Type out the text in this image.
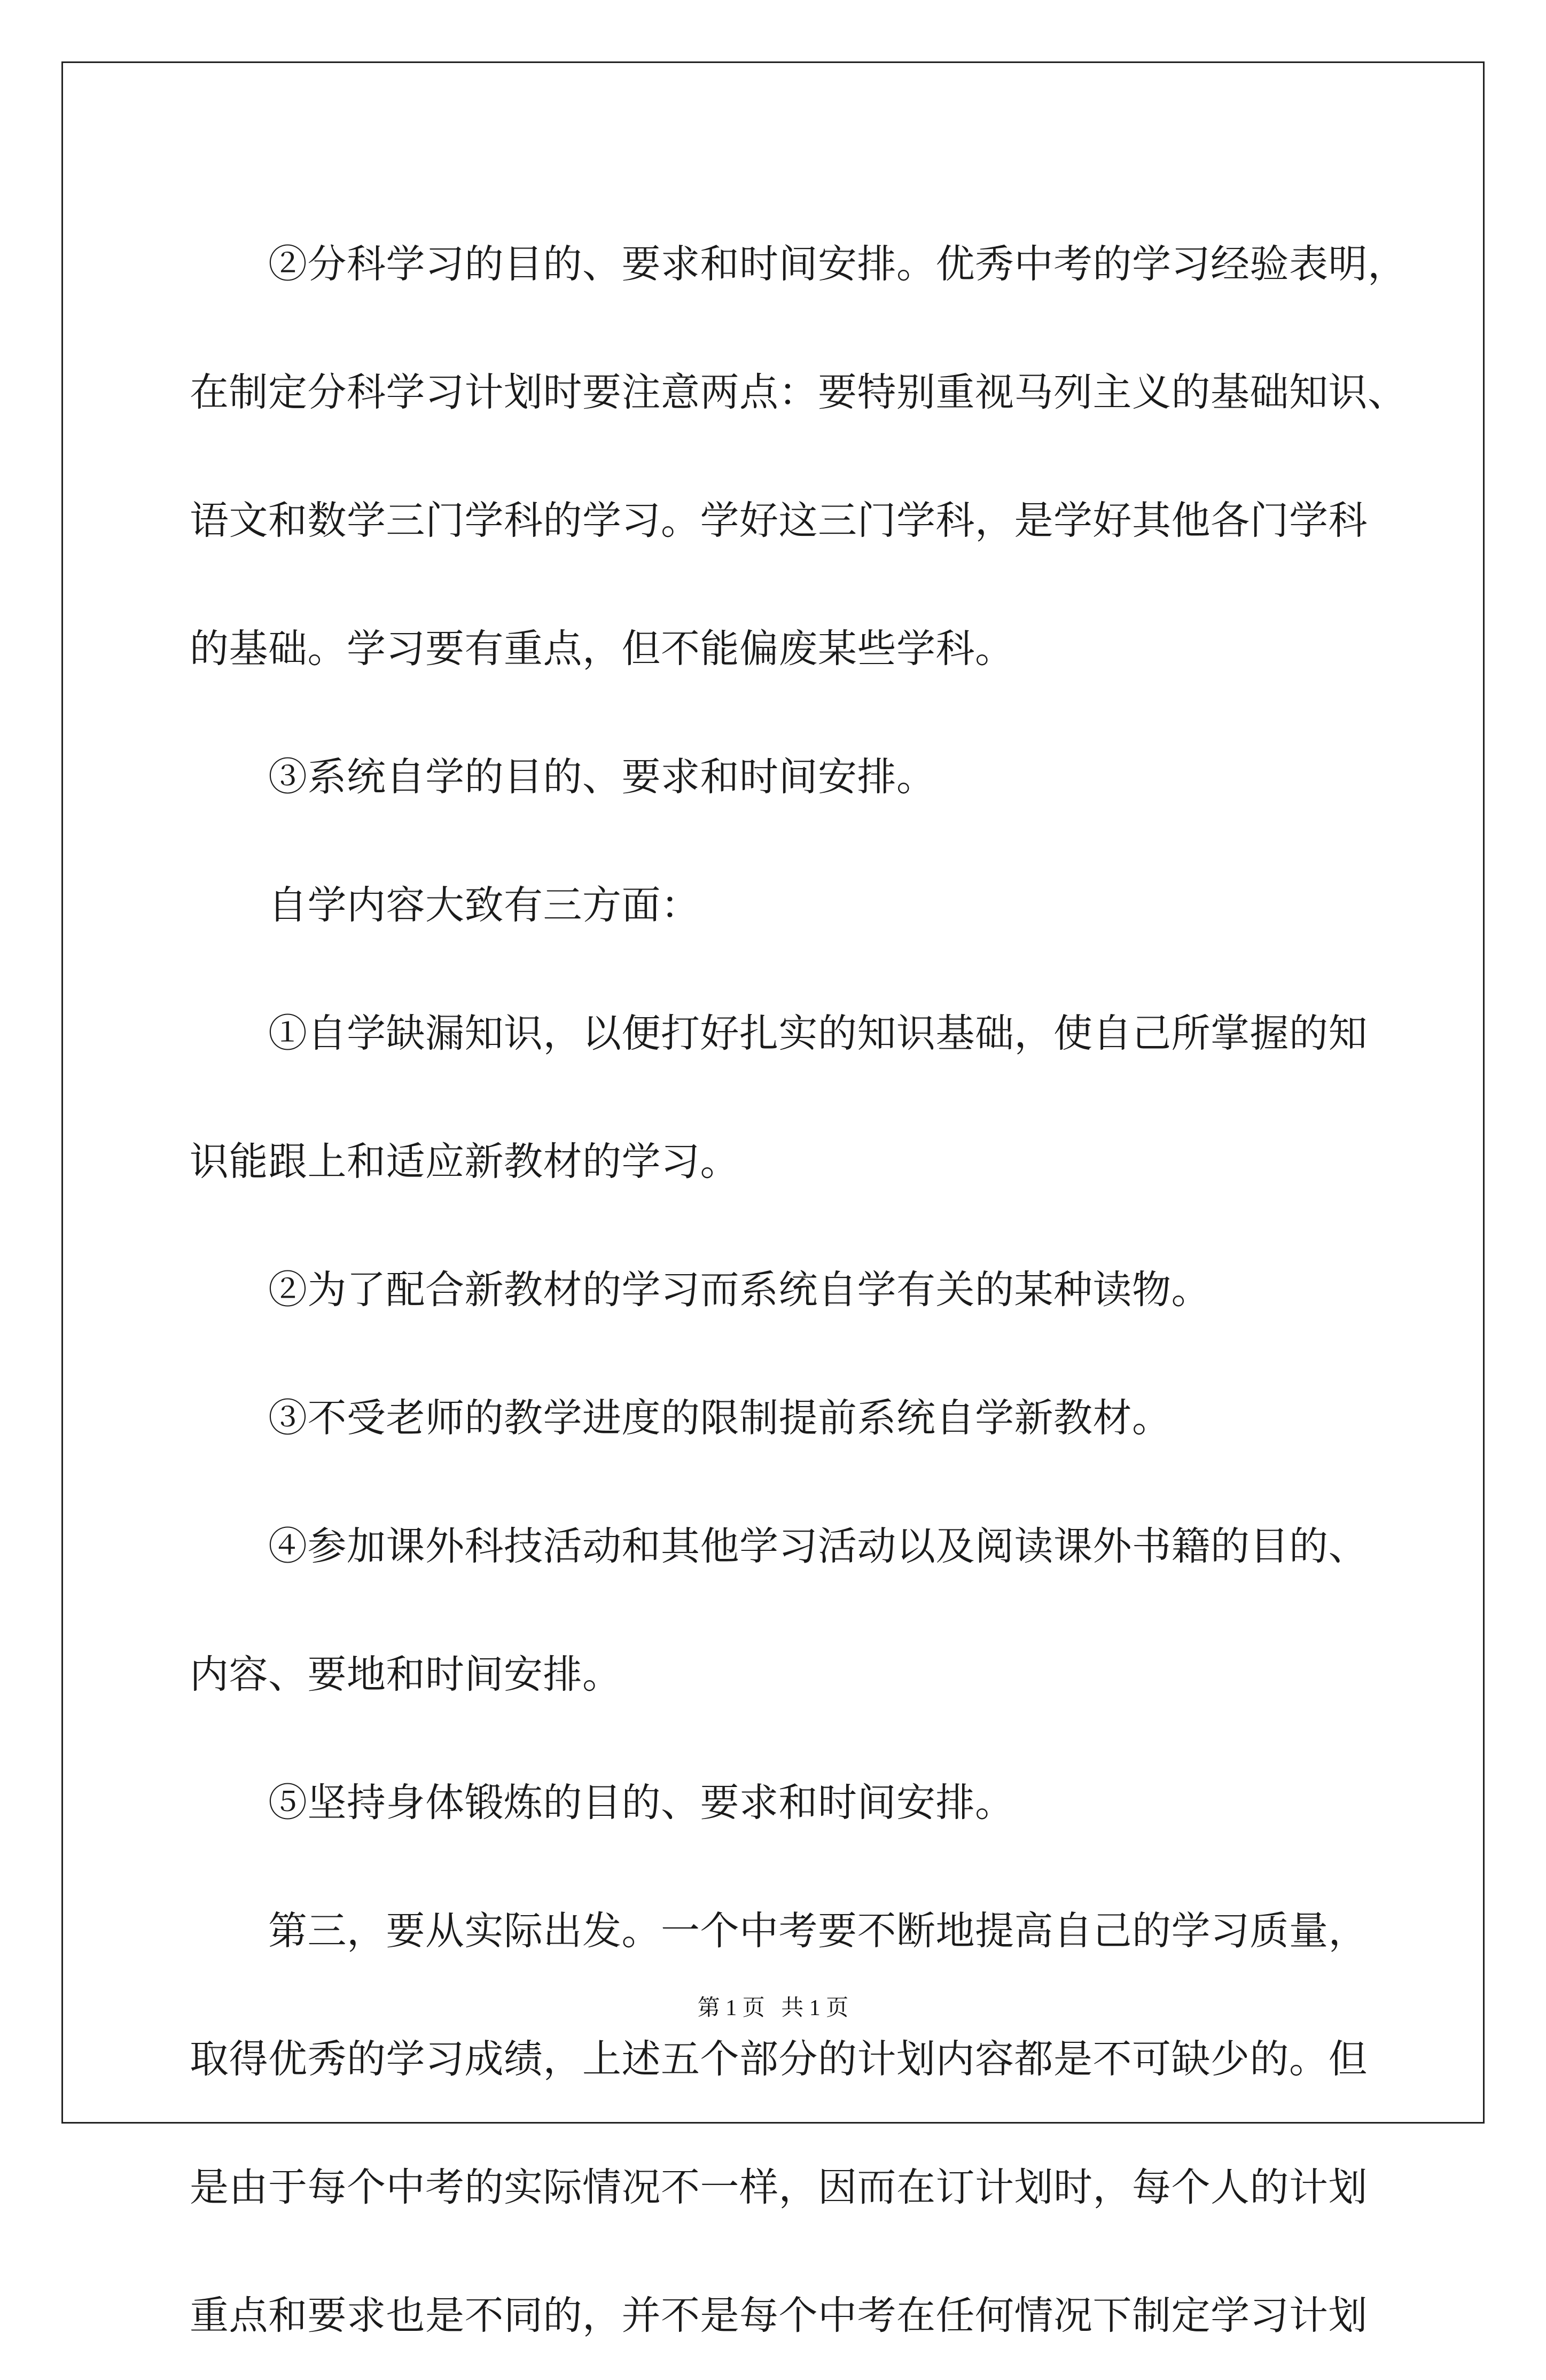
②分科学习的目的、要求和时间安排。优秀中考的学习经验表明，
在制定分科学习计划时要注意两点：要特别重视马列主义的基础知识、
语文和数学三门学科的学习。学好这三门学科，是学好其他各门学科
的基础。学习要有重点，但不能偏废某些学科。

③系统自学的目的、要求和时间安排。

自学内容大致有三方面：

①自学缺漏知识，以便打好扎实的知识基础，使自己所掌握的知
识能跟上和适应新教材的学习。

②为了配合新教材的学习而系统自学有关的某种读物。

③不受老师的教学进度的限制提前系统自学新教材。

④参加课外科技活动和其他学习活动以及阅读课外书籍的目的、
内容、要地和时间安排。

⑤坚持身体锻炼的目的、要求和时间安排。

第三，要从实际出发。一个中考要不断地提高自己的学习质量，
取得优秀的学习成绩，上述五个部分的计划内容都是不可缺少的。但
是由于每个中考的实际情况不一样，因而在订计划时，每个人的计划
重点和要求也是不同的，并不是每个中考在任何情况下制定学习计划

第 1 页 共 1 页
